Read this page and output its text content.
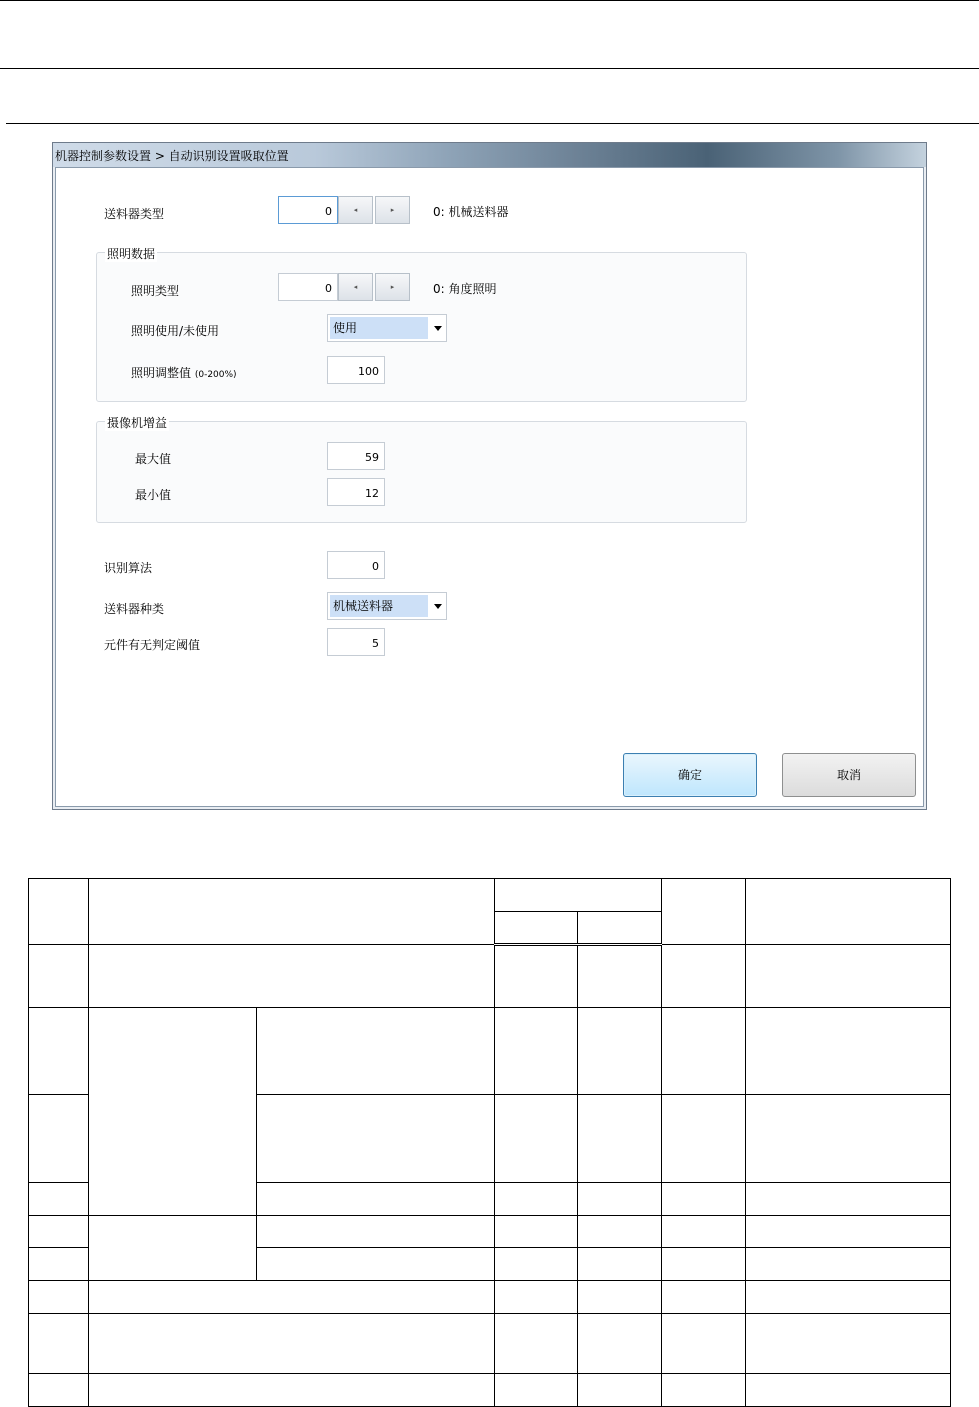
机器控制参数设置 > 自动识别设置吸取位置
送料器类型	0	◂	▸	0: 机械送料器
照明数据
照明类型	0	◂	▸	0: 角度照明
照明使用/未使用	使用
照明调整值 (0-200%)	100
摄像机增益
最大值	59
最小值	12
识别算法	0
送料器种类	机械送料器
元件有无判定阈值	5
确定	取消
